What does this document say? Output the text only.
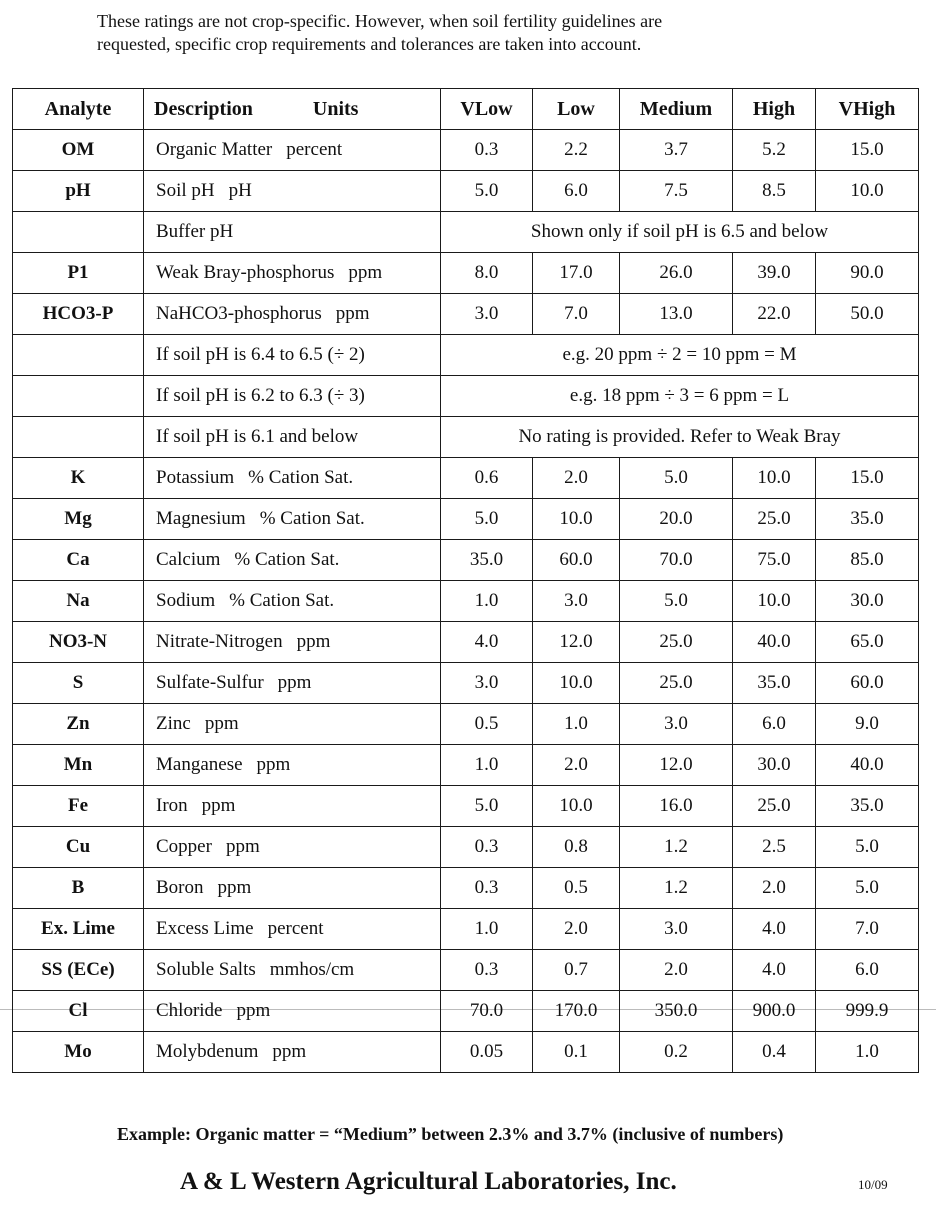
These ratings are not crop-specific. However, when soil fertility guidelines are
requested, specific crop requirements and tolerances are taken into account.
Analyte	Description Units	VLow	Low	Medium	High	VHigh
OM	Organic Matter percent	0.3	2.2	3.7	5.2	15.0
pH	Soil pH pH	5.0	6.0	7.5	8.5	10.0
	Buffer pH	Shown only if soil pH is 6.5 and below				
P1	Weak Bray-phosphorus ppm	8.0	17.0	26.0	39.0	90.0
HCO3-P	NaHCO3-phosphorus ppm	3.0	7.0	13.0	22.0	50.0
	If soil pH is 6.4 to 6.5 (÷ 2)	e.g. 20 ppm ÷ 2 = 10 ppm = M				
	If soil pH is 6.2 to 6.3 (÷ 3)	e.g. 18 ppm ÷ 3 = 6 ppm = L				
	If soil pH is 6.1 and below	No rating is provided. Refer to Weak Bray				
K	Potassium % Cation Sat.	0.6	2.0	5.0	10.0	15.0
Mg	Magnesium % Cation Sat.	5.0	10.0	20.0	25.0	35.0
Ca	Calcium % Cation Sat.	35.0	60.0	70.0	75.0	85.0
Na	Sodium % Cation Sat.	1.0	3.0	5.0	10.0	30.0
NO3-N	Nitrate-Nitrogen ppm	4.0	12.0	25.0	40.0	65.0
S	Sulfate-Sulfur ppm	3.0	10.0	25.0	35.0	60.0
Zn	Zinc ppm	0.5	1.0	3.0	6.0	9.0
Mn	Manganese ppm	1.0	2.0	12.0	30.0	40.0
Fe	Iron ppm	5.0	10.0	16.0	25.0	35.0
Cu	Copper ppm	0.3	0.8	1.2	2.5	5.0
B	Boron ppm	0.3	0.5	1.2	2.0	5.0
Ex. Lime	Excess Lime percent	1.0	2.0	3.0	4.0	7.0
SS (ECe)	Soluble Salts mmhos/cm	0.3	0.7	2.0	4.0	6.0
Cl	Chloride ppm	70.0	170.0	350.0	900.0	999.9
Mo	Molybdenum ppm	0.05	0.1	0.2	0.4	1.0
Example: Organic matter = “Medium” between 2.3% and 3.7% (inclusive of numbers)
A & L Western Agricultural Laboratories, Inc.	10/09
